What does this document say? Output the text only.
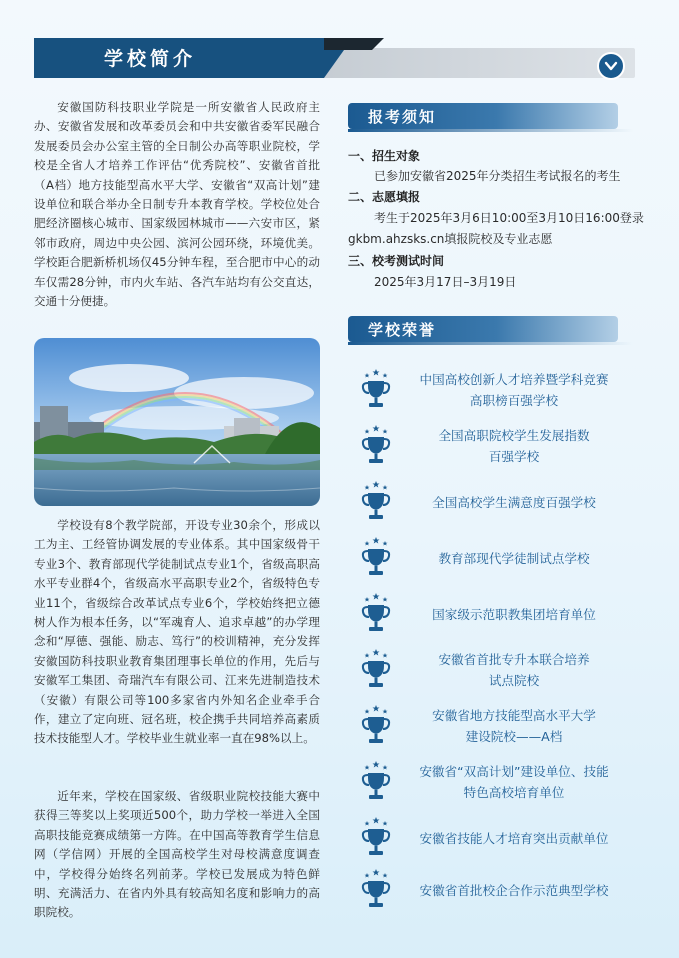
学校简介

安徽国防科技职业学院是一所安徽省人民政府主办、安徽省发展和改革委员会和中共安徽省委军民融合发展委员会办公室主管的全日制公办高等职业院校，学校是全省人才培养工作评估“优秀院校”、安徽省首批（A档）地方技能型高水平大学、安徽省“双高计划”建设单位和联合举办全日制专升本教育学校。学校位处合肥经济圈核心城市、国家级园林城市——六安市区，紧邻市政府，周边中央公园、滨河公园环绕，环境优美。学校距合肥新桥机场仅45分钟车程，至合肥市中心的动车仅需28分钟，市内火车站、各汽车站均有公交直达，交通十分便捷。

学校设有8个教学院部，开设专业30余个，形成以工为主、工经管协调发展的专业体系。其中国家级骨干专业3个、教育部现代学徒制试点专业1个，省级高职高水平专业群4个，省级高水平高职专业2个，省级特色专业11个，省级综合改革试点专业6个，学校始终把立德树人作为根本任务，以“军魂育人、追求卓越”的办学理念和“厚德、强能、励志、笃行”的校训精神，充分发挥安徽国防科技职业教育集团理事长单位的作用，先后与安徽军工集团、奇瑞汽车有限公司、江来先进制造技术（安徽）有限公司等100多家省内外知名企业牵手合作，建立了定向班、冠名班，校企携手共同培养高素质技术技能型人才。学校毕业生就业率一直在98%以上。

近年来，学校在国家级、省级职业院校技能大赛中获得三等奖以上奖项近500个，助力学校一举进入全国高职技能竞赛成绩第一方阵。在中国高等教育学生信息网（学信网）开展的全国高校学生对母校满意度调查中，学校得分始终名列前茅。学校已发展成为特色鲜明、充满活力、在省内外具有较高知名度和影响力的高职院校。

报考须知
一、招生对象
已参加安徽省2025年分类招生考试报名的考生
二、志愿填报
考生于2025年3月6日10:00至3月10日16:00登录
gkbm.ahzsks.cn填报院校及专业志愿
三、校考测试时间
2025年3月17日–3月19日
学校荣誉
中国高校创新人才培养暨学科竞赛
高职榜百强学校
全国高职院校学生发展指数
百强学校
全国高校学生满意度百强学校
教育部现代学徒制试点学校
国家级示范职教集团培育单位
安徽省首批专升本联合培养
试点院校
安徽省地方技能型高水平大学
建设院校——A档
安徽省“双高计划”建设单位、技能
特色高校培育单位
安徽省技能人才培育突出贡献单位
安徽省首批校企合作示范典型学校
